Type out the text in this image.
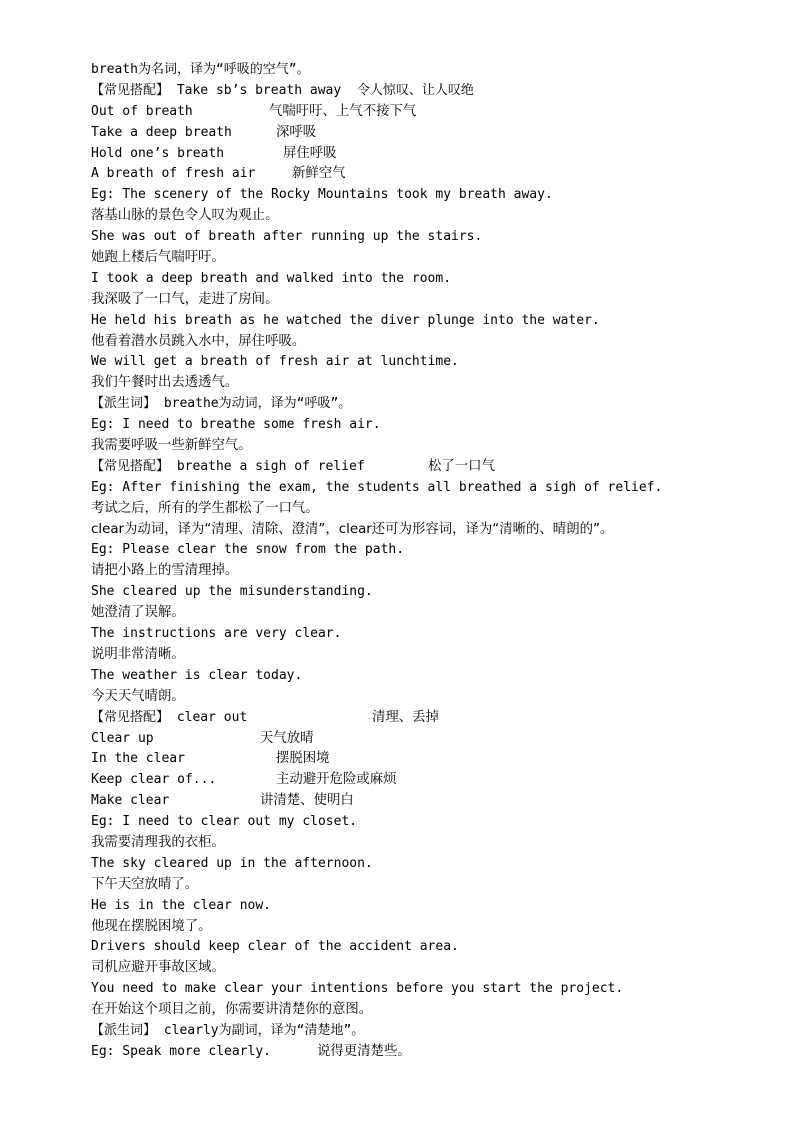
breath为名词，译为“呼吸的空气”。
【常见搭配】 Take sb’s breath away  令人惊叹、让人叹绝
Out of breath	气喘吁吁、上气不接下气
Take a deep breath	深呼吸
Hold one’s breath	屏住呼吸
A breath of fresh air	新鲜空气
Eg: The scenery of the Rocky Mountains took my breath away.
落基山脉的景色令人叹为观止。
She was out of breath after running up the stairs.
她跑上楼后气喘吁吁。
I took a deep breath and walked into the room.
我深吸了一口气，走进了房间。
He held his breath as he watched the diver plunge into the water.
他看着潜水员跳入水中，屏住呼吸。
We will get a breath of fresh air at lunchtime.
我们午餐时出去透透气。
【派生词】 breathe为动词，译为“呼吸”。
Eg: I need to breathe some fresh air.
我需要呼吸一些新鲜空气。
【常见搭配】 breathe a sigh of relief	松了一口气
Eg: After finishing the exam, the students all breathed a sigh of relief.
考试之后，所有的学生都松了一口气。
clear为动词，译为“清理、清除、澄清”，clear还可为形容词，译为“清晰的、晴朗的”。
Eg: Please clear the snow from the path.
请把小路上的雪清理掉。
She cleared up the misunderstanding.
她澄清了误解。
The instructions are very clear.
说明非常清晰。
The weather is clear today.
今天天气晴朗。
【常见搭配】 clear out	清理、丢掉
Clear up	天气放晴
In the clear	摆脱困境
Keep clear of...	主动避开危险或麻烦
Make clear	讲清楚、使明白
Eg: I need to clear out my closet.
我需要清理我的衣柜。
The sky cleared up in the afternoon.
下午天空放晴了。
He is in the clear now.
他现在摆脱困境了。
Drivers should keep clear of the accident area.
司机应避开事故区域。
You need to make clear your intentions before you start the project.
在开始这个项目之前，你需要讲清楚你的意图。
【派生词】 clearly为副词，译为“清楚地”。
Eg: Speak more clearly.	说得更清楚些。
